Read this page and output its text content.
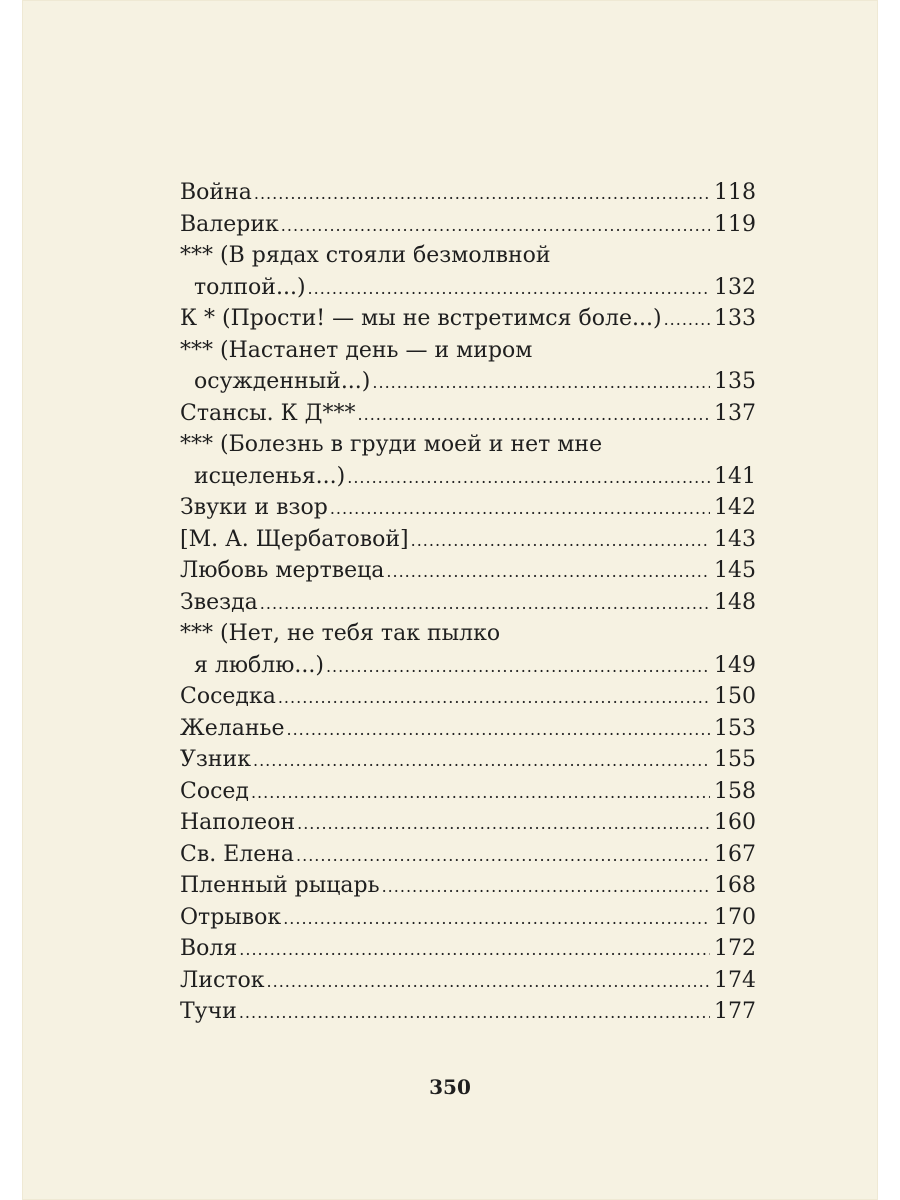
Война .....	118
Валерик .....	119
*** (В рядах стояли безмолвной
толпой...) .....	132
К * (Прости! — мы не встретимся боле...) ..... 133
*** (Настанет день — и миром
осужденный...) .....	135
Стансы. К Д*** .....	137
*** (Болезнь в груди моей и нет мне
исцеленья...) .....	141
Звуки и взор .....	142
[М. А. Щербатовой] .....	143
Любовь мертвеца .....	145
Звезда .....	148
*** (Нет, не тебя так пылко
я люблю...) .....	149
Соседка .....	150
Желанье .....	153
Узник .....	155
Сосед .....	158
Наполеон .....	160
Св. Елена .....	167
Пленный рыцарь .....	168
Отрывок .....	170
Воля .....	172
Листок .....	174
Тучи .....	177
350
